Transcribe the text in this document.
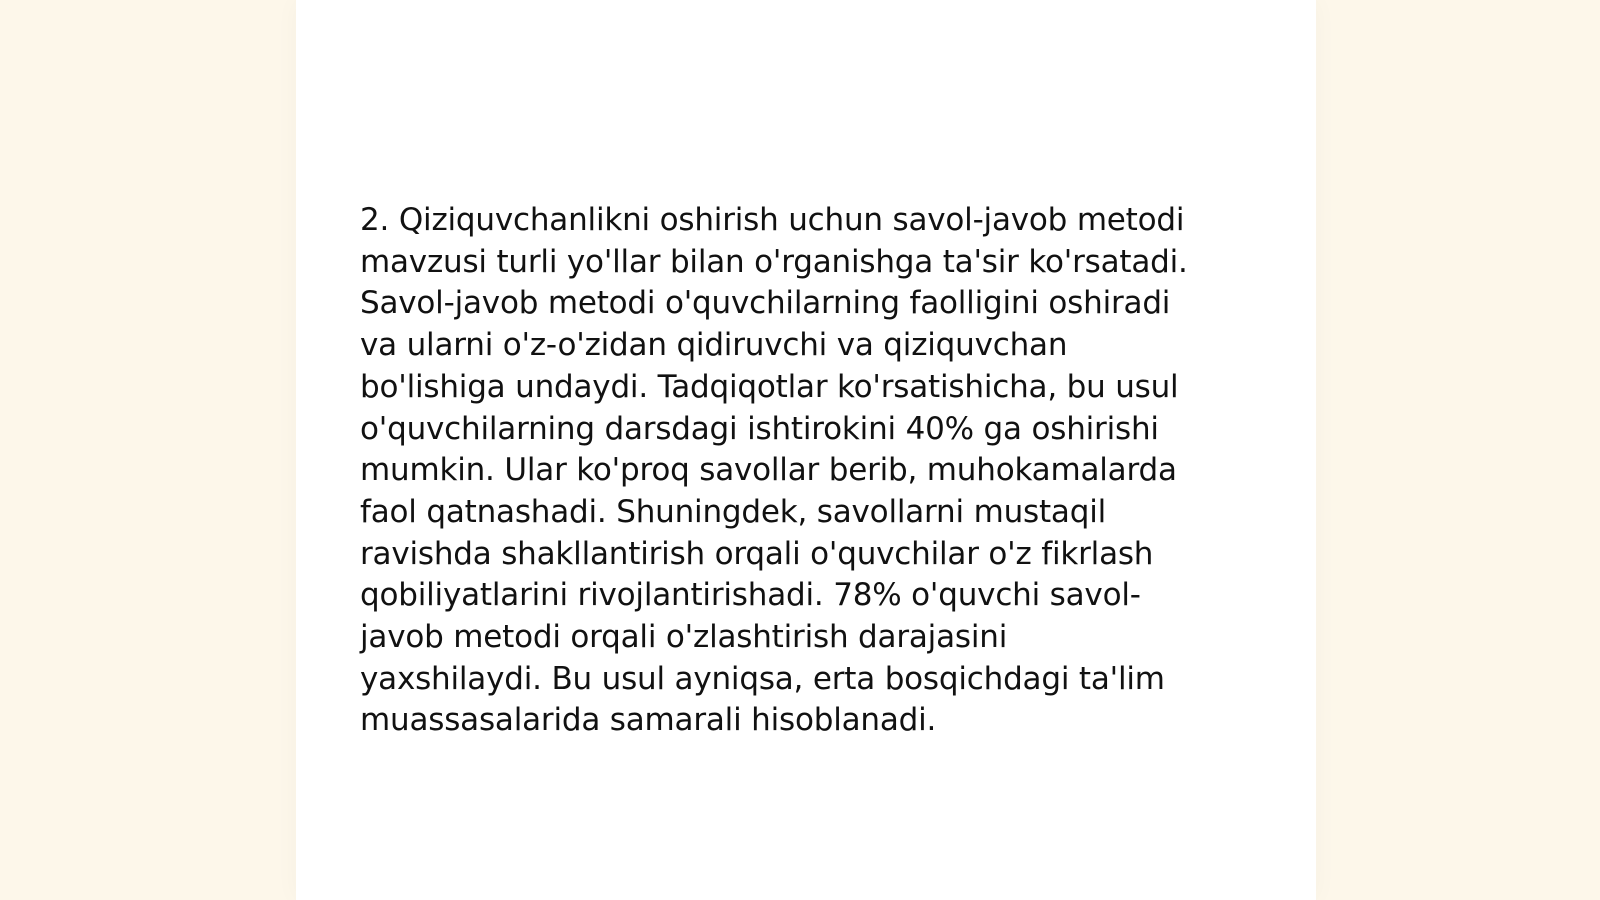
2. Qiziquvchanlikni oshirish uchun savol-javob metodi
mavzusi turli yo'llar bilan o'rganishga ta'sir ko'rsatadi.
Savol-javob metodi o'quvchilarning faolligini oshiradi
va ularni o'z-o'zidan qidiruvchi va qiziquvchan
bo'lishiga undaydi. Tadqiqotlar ko'rsatishicha, bu usul
o'quvchilarning darsdagi ishtirokini 40% ga oshirishi
mumkin. Ular ko'proq savollar berib, muhokamalarda
faol qatnashadi. Shuningdek, savollarni mustaqil
ravishda shakllantirish orqali o'quvchilar o'z fikrlash
qobiliyatlarini rivojlantirishadi. 78% o'quvchi savol-
javob metodi orqali o'zlashtirish darajasini
yaxshilaydi. Bu usul ayniqsa, erta bosqichdagi ta'lim
muassasalarida samarali hisoblanadi.
